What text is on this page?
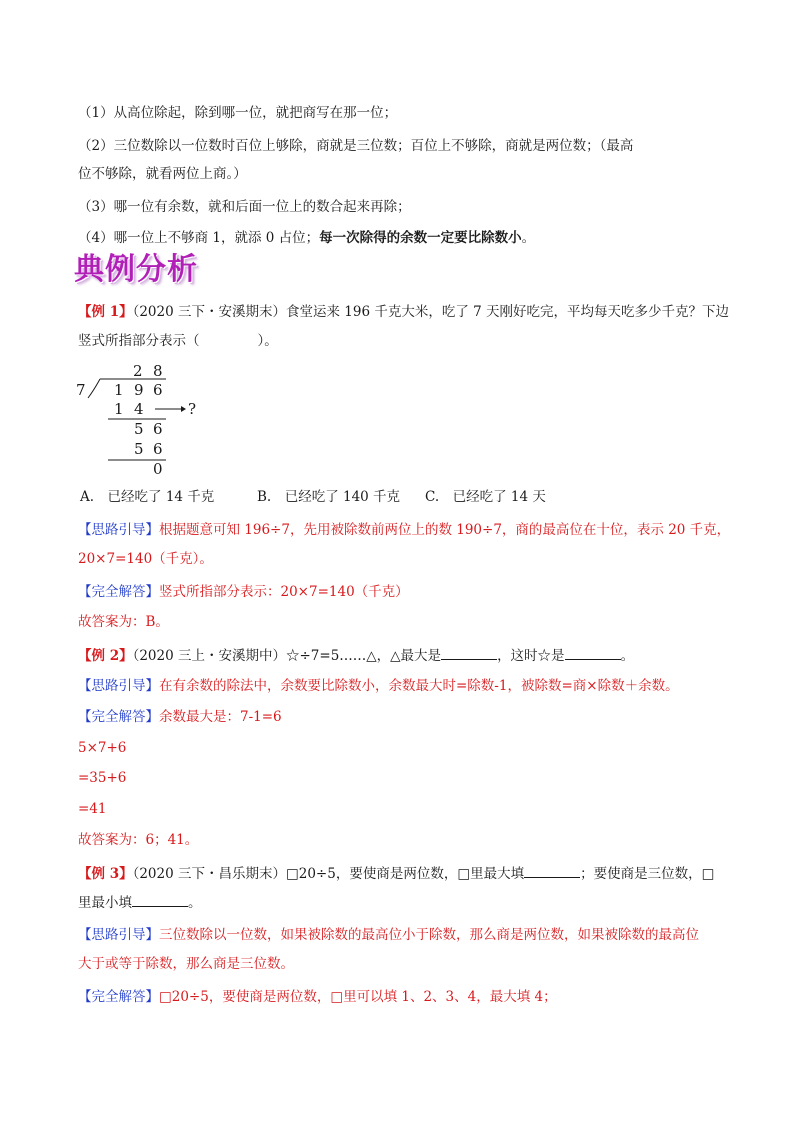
（1）从高位除起，除到哪一位，就把商写在那一位；
（2）三位数除以一位数时百位上够除，商就是三位数；百位上不够除，商就是两位数；（最高
位不够除，就看两位上商。）
（3）哪一位有余数，就和后面一位上的数合起来再除；
（4）哪一位上不够商 1，就添 0 占位；每一次除得的余数一定要比除数小。
典例分析
【例 1】（2020 三下・安溪期末）食堂运来 196 千克大米，吃了 7 天刚好吃完，平均每天吃多少千克？下边
竖式所指部分表示（	）。
2 8
7 1 9 6
1 4	?
5 6
5 6
0
A.　已经吃了 14 千克	B.　已经吃了 140 千克 C.　已经吃了 14 天
【思路引导】根据题意可知 196÷7，先用被除数前两位上的数 190÷7，商的最高位在十位，表示 20 千克，
20×7=140（千克）。
【完全解答】竖式所指部分表示：20×7=140（千克）
故答案为：B。
【例 2】（2020 三上・安溪期中）☆÷7=5……△，△最大是	，这时☆是	。
【思路引导】在有余数的除法中，余数要比除数小，余数最大时=除数-1，被除数=商×除数＋余数。
【完全解答】余数最大是：7-1=6
5×7+6
=35+6
=41
故答案为：6；41。
【例 3】（2020 三下・昌乐期末）□20÷5，要使商是两位数，□里最大填	；要使商是三位数，□
里最小填	。
【思路引导】三位数除以一位数，如果被除数的最高位小于除数，那么商是两位数，如果被除数的最高位
大于或等于除数，那么商是三位数。
【完全解答】□20÷5，要使商是两位数，□里可以填 1、2、3、4，最大填 4；
